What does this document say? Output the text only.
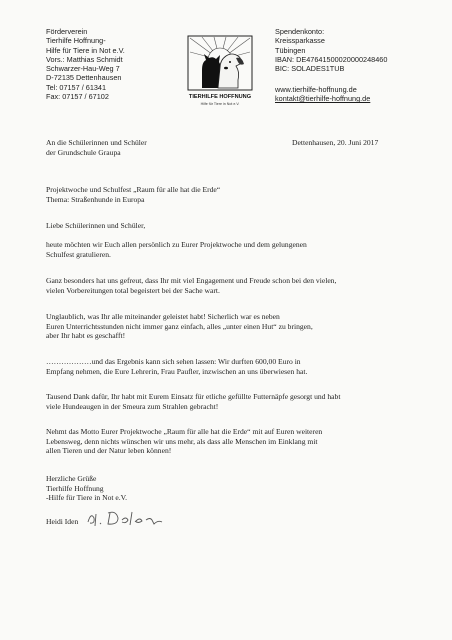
Förderverein
Tierhilfe Hoffnung-
Hilfe für Tiere in Not e.V.
Vors.: Matthias Schmidt
Schwarzer-Hau-Weg 7
D-72135 Dettenhausen
Tel: 07157 / 61341
Fax: 07157 / 67102	TIERHILFE HOFFNUNG
Hilfe für Tiere in Not e.V.
Spendenkonto:
Kreissparkasse
Tübingen
IBAN: DE47641500020000248460
BIC: SOLADES1TUB
www.tierhilfe-hoffnung.de
kontakt@tierhilfe-hoffnung.de
An die Schülerinnen und Schüler
der Grundschule Graupa
Dettenhausen, 20. Juni 2017
Projektwoche und Schulfest „Raum für alle hat die Erde“
Thema: Straßenhunde in Europa
Liebe Schülerinnen und Schüler,
heute möchten wir Euch allen persönlich zu Eurer Projektwoche und dem gelungenen
Schulfest gratulieren.
Ganz besonders hat uns gefreut, dass Ihr mit viel Engagement und Freude schon bei den vielen,
vielen Vorbereitungen total begeistert bei der Sache wart.
Unglaublich, was Ihr alle miteinander geleistet habt! Sicherlich war es neben
Euren Unterrichtsstunden nicht immer ganz einfach, alles „unter einen Hut“ zu bringen,
aber Ihr habt es geschafft!
………………und das Ergebnis kann sich sehen lassen: Wir durften 600,00 Euro in
Empfang nehmen, die Eure Lehrerin, Frau Paufler, inzwischen an uns überwiesen hat.
Tausend Dank dafür, Ihr habt mit Eurem Einsatz für etliche gefüllte Futternäpfe gesorgt und habt
viele Hundeaugen in der Smeura zum Strahlen gebracht!
Nehmt das Motto Eurer Projektwoche „Raum für alle hat die Erde“ mit auf Euren weiteren
Lebensweg, denn nichts wünschen wir uns mehr, als dass alle Menschen im Einklang mit
allen Tieren und der Natur leben können!
Herzliche Grüße
Tierhilfe Hoffnung
-Hilfe für Tiere in Not e.V.
Heidi Iden
